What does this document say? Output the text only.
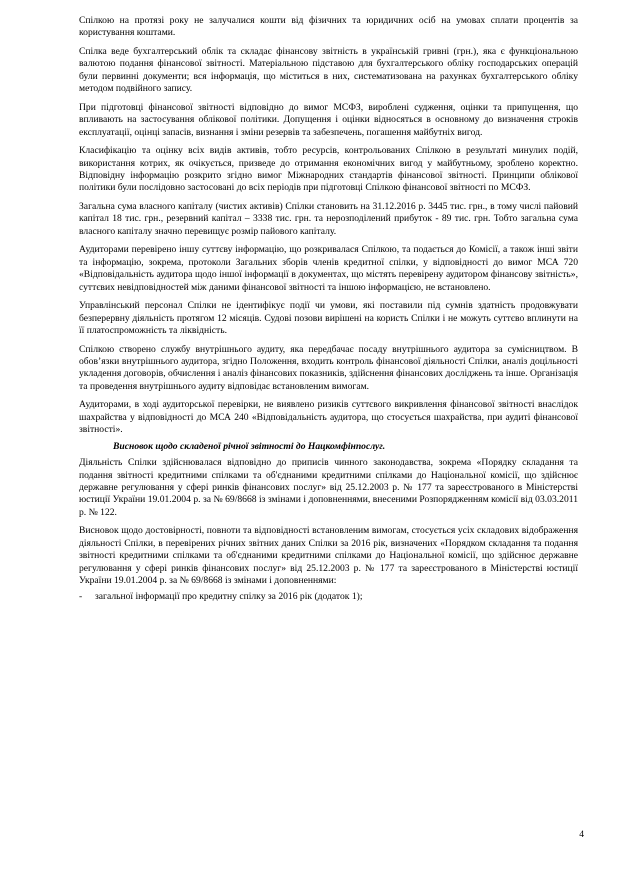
Спілкою на протязі року не залучалися кошти від фізичних та юридичних осіб на умовах сплати процентів за користування коштами.

Спілка веде бухгалтерський облік та складає фінансову звітність в українській гривні (грн.), яка є функціональною валютою подання фінансової звітності. Матеріальною підставою для бухгалтерського обліку господарських операцій були первинні документи; вся інформація, що міститься в них, систематизована на рахунках бухгалтерського обліку методом подвійного запису.

При підготовці фінансової звітності відповідно до вимог МСФЗ, вироблені судження, оцінки та припущення, що впливають на застосування облікової політики. Допущення і оцінки відносяться в основному до визначення строків експлуатації, оцінці запасів, визнання і зміни резервів та забезпечень, погашення майбутніх вигод.

Класифікацію та оцінку всіх видів активів, тобто ресурсів, контрольованих Спілкою в результаті минулих подій, використання котрих, як очікується, призведе до отримання економічних вигод у майбутньому, зроблено коректно. Відповідну інформацію розкрито згідно вимог Міжнародних стандартів фінансової звітності. Принципи облікової політики були послідовно застосовані до всіх періодів при підготовці Спілкою фінансової звітності по МСФЗ.

Загальна сума власного капіталу (чистих активів) Спілки становить на 31.12.2016 р. 3445 тис. грн., в тому числі пайовий капітал 18 тис. грн., резервний капітал – 3338 тис. грн. та нерозподілений прибуток - 89 тис. грн. Тобто загальна сума власного капіталу значно перевищує розмір пайового капіталу.

Аудиторами перевірено іншу суттєву інформацію, що розкривалася Спілкою, та подається до Комісії, а також інші звіти та інформацію, зокрема, протоколи Загальних зборів членів кредитної спілки, у відповідності до вимог МСА 720 «Відповідальність аудитора щодо іншої інформації в документах, що містять перевірену аудитором фінансову звітність», суттєвих невідповідностей між даними фінансової звітності та іншою інформацією, не встановлено.

Управлінський персонал Спілки не ідентифікує події чи умови, які поставили під сумнів здатність продовжувати безперервну діяльність протягом 12 місяців. Судові позови вирішені на користь Спілки і не можуть суттєво вплинути на її платоспроможність та ліквідність.

Спілкою створено службу внутрішнього аудиту, яка передбачає посаду внутрішнього аудитора за сумісництвом. В обов’язки внутрішнього аудитора, згідно Положення, входить контроль фінансової діяльності Спілки, аналіз доцільності укладення договорів, обчислення і аналіз фінансових показників, здійснення фінансових досліджень та інше. Організація та проведення внутрішнього аудиту відповідає встановленим вимогам.

Аудиторами, в ході аудиторської перевірки, не виявлено ризиків суттєвого викривлення фінансової звітності внаслідок шахрайства у відповідності до МСА 240 «Відповідальність аудитора, що стосується шахрайства, при аудиті фінансової звітності».

Висновок щодо складеної річної звітності до Нацкомфінпослуг.

Діяльність Спілки здійснювалася відповідно до приписів чинного законодавства, зокрема «Порядку складання та подання звітності кредитними спілками та об'єднаними кредитними спілками до Національної комісії, що здійснює державне регулювання у сфері ринків фінансових послуг» від 25.12.2003 р. № 177 та зареєстрованого в Міністерстві юстиції України 19.01.2004 р. за № 69/8668 із змінами і доповненнями, внесеними Розпорядженням комісії від 03.03.2011 р. № 122.

Висновок щодо достовірності, повноти та відповідності встановленим вимогам, стосується усіх складових відображення діяльності Спілки, в перевірених річних звітних даних Спілки за 2016 рік, визначених «Порядком складання та подання звітності кредитними спілками та об'єднаними кредитними спілками до Національної комісії, що здійснює державне регулювання у сфері ринків фінансових послуг» від 25.12.2003 р. № 177 та зареєстрованого в Міністерстві юстиції України 19.01.2004 р. за № 69/8668 із змінами і доповненнями:

- загальної інформації про кредитну спілку за 2016 рік (додаток 1);
4
